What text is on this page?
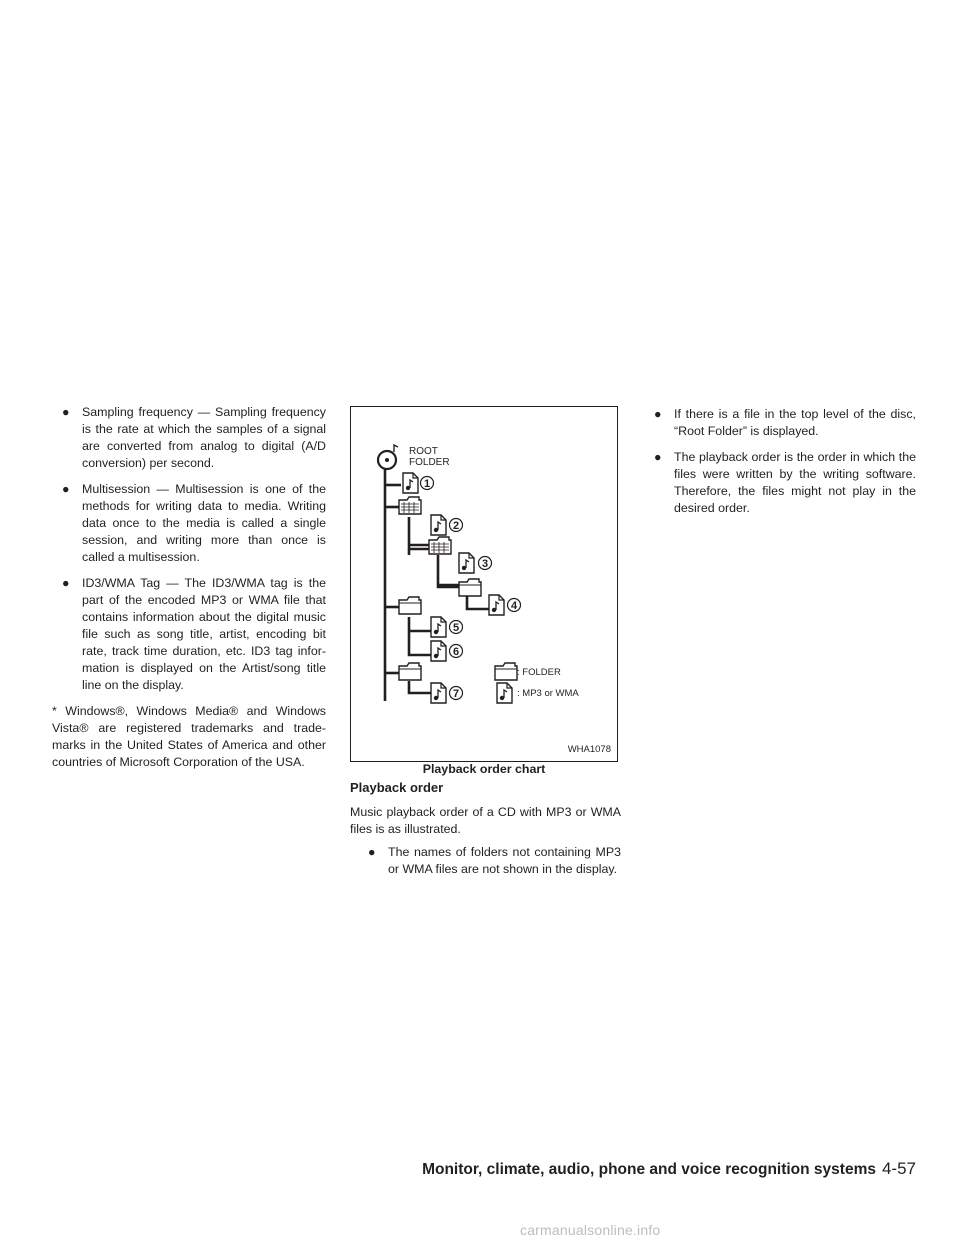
● Sampling frequency — Sampling frequency is the rate at which the samples of a signal are converted from analog to digital (A/D conversion) per second.
● Multisession — Multisession is one of the methods for writing data to media. Writing data once to the media is called a single session, and writing more than once is called a multisession.
● ID3/WMA Tag — The ID3/WMA tag is the part of the encoded MP3 or WMA file that contains information about the digital music file such as song title, artist, encoding bit rate, track time duration, etc. ID3 tag infor-mation is displayed on the Artist/song title line on the display.
* Windows®, Windows Media® and Windows Vista® are registered trademarks and trade-marks in the United States of America and other countries of Microsoft Corporation of the USA.
ROOT
FOLDER
1
2
3
4
5
6
7
: FOLDER
: MP3 or WMA
WHA1078
Playback order chart
Playback order
Music playback order of a CD with MP3 or WMA files is as illustrated.
● The names of folders not containing MP3 or WMA files are not shown in the display.
● If there is a file in the top level of the disc, “Root Folder” is displayed.
● The playback order is the order in which the files were written by the writing software. Therefore, the files might not play in the desired order.
Monitor, climate, audio, phone and voice recognition systems 4-57
carmanualsonline.info
